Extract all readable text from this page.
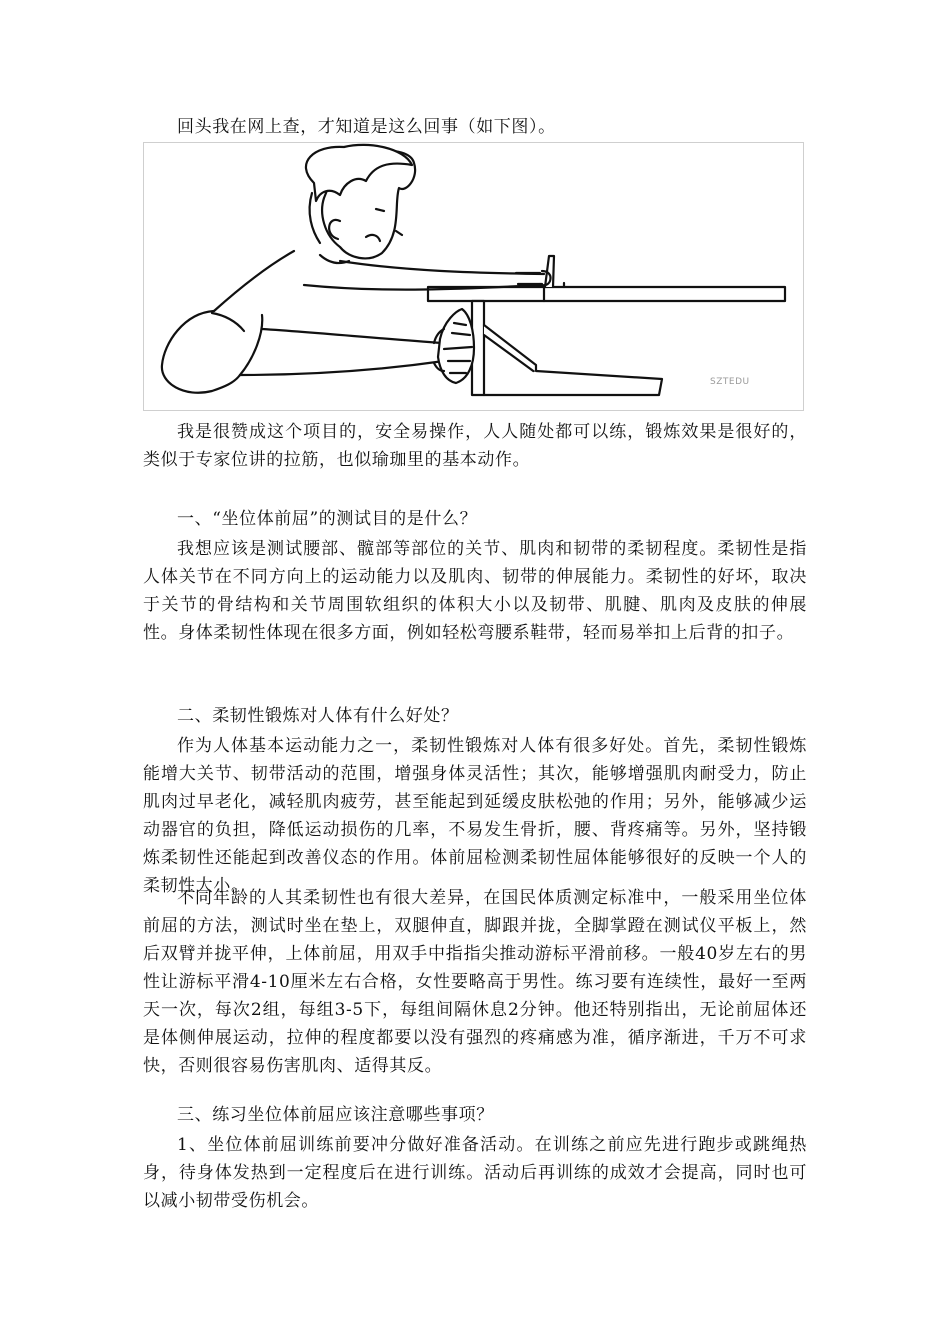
回头我在网上查，才知道是这么回事（如下图）。

SZTEDU

我是很赞成这个项目的，安全易操作，人人随处都可以练，锻炼效果是很好的，类似于专家位讲的拉筋，也似瑜珈里的基本动作。

一、“坐位体前屈”的测试目的是什么？

我想应该是测试腰部、髋部等部位的关节、肌肉和韧带的柔韧程度。柔韧性是指人体关节在不同方向上的运动能力以及肌肉、韧带的伸展能力。柔韧性的好坏，取决于关节的骨结构和关节周围软组织的体积大小以及韧带、肌腱、肌肉及皮肤的伸展性。身体柔韧性体现在很多方面，例如轻松弯腰系鞋带，轻而易举扣上后背的扣子。

二、柔韧性锻炼对人体有什么好处？

作为人体基本运动能力之一，柔韧性锻炼对人体有很多好处。首先，柔韧性锻炼能增大关节、韧带活动的范围，增强身体灵活性；其次，能够增强肌肉耐受力，防止肌肉过早老化，减轻肌肉疲劳，甚至能起到延缓皮肤松弛的作用；另外，能够减少运动器官的负担，降低运动损伤的几率，不易发生骨折，腰、背疼痛等。另外，坚持锻炼柔韧性还能起到改善仪态的作用。体前屈检测柔韧性屈体能够很好的反映一个人的柔韧性大小。

不同年龄的人其柔韧性也有很大差异，在国民体质测定标准中，一般采用坐位体前屈的方法，测试时坐在垫上，双腿伸直，脚跟并拢，全脚掌蹬在测试仪平板上，然后双臂并拢平伸，上体前屈，用双手中指指尖推动游标平滑前移。一般40岁左右的男性让游标平滑4-10厘米左右合格，女性要略高于男性。练习要有连续性，最好一至两天一次，每次2组，每组3-5下，每组间隔休息2分钟。他还特别指出，无论前屈体还是体侧伸展运动，拉伸的程度都要以没有强烈的疼痛感为准，循序渐进，千万不可求快，否则很容易伤害肌肉、适得其反。

三、练习坐位体前屈应该注意哪些事项？

1、坐位体前屈训练前要冲分做好准备活动。在训练之前应先进行跑步或跳绳热身，待身体发热到一定程度后在进行训练。活动后再训练的成效才会提高，同时也可以减小韧带受伤机会。
